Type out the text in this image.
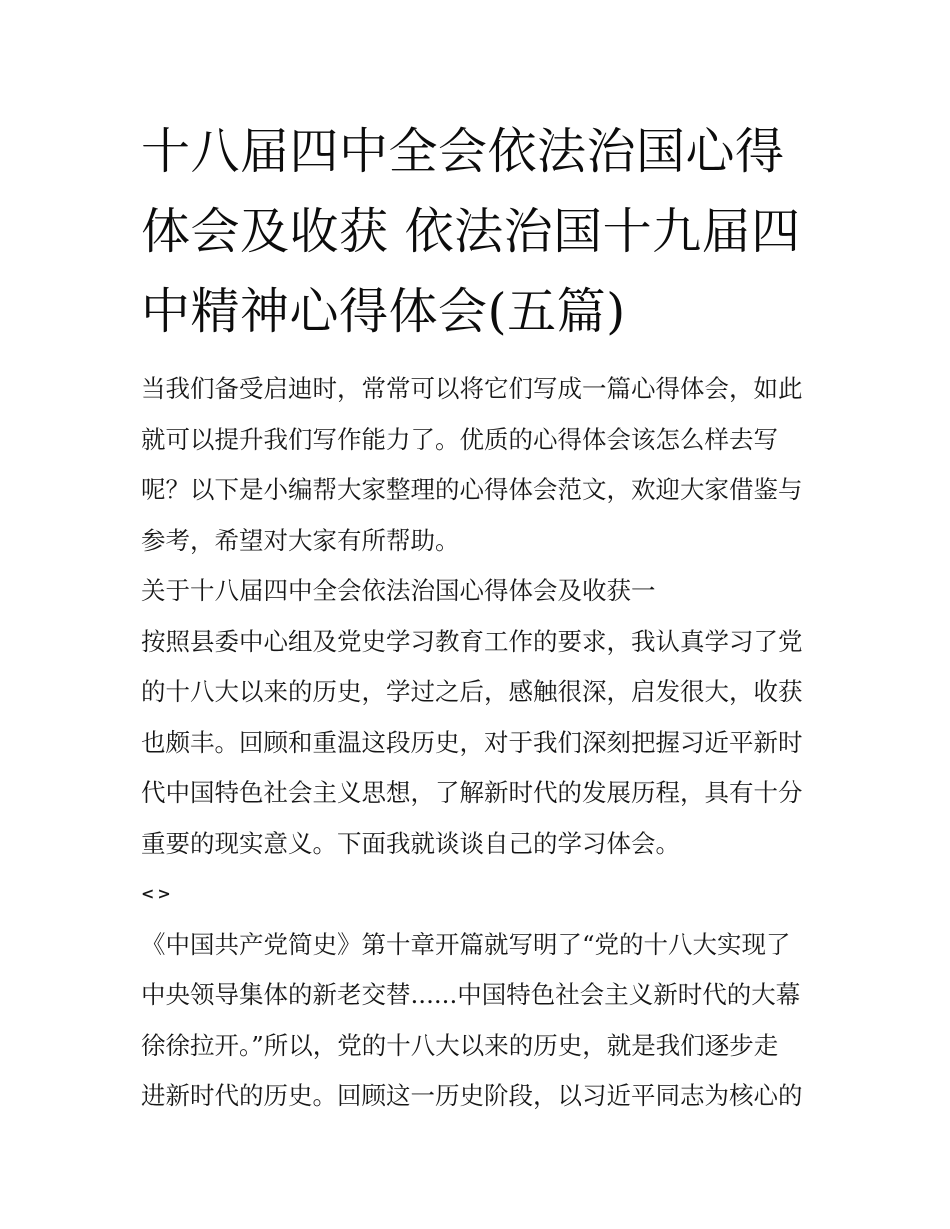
十八届四中全会依法治国心得
体会及收获 依法治国十九届四
中精神心得体会(五篇)
当我们备受启迪时，常常可以将它们写成一篇心得体会，如此
就可以提升我们写作能力了。优质的心得体会该怎么样去写
呢？以下是小编帮大家整理的心得体会范文，欢迎大家借鉴与
参考，希望对大家有所帮助。
关于十八届四中全会依法治国心得体会及收获一
按照县委中心组及党史学习教育工作的要求，我认真学习了党
的十八大以来的历史，学过之后，感触很深，启发很大，收获
也颇丰。回顾和重温这段历史，对于我们深刻把握习近平新时
代中国特色社会主义思想，了解新时代的发展历程，具有十分
重要的现实意义。下面我就谈谈自己的学习体会。
<>
《中国共产党简史》第十章开篇就写明了“党的十八大实现了
中央领导集体的新老交替......中国特色社会主义新时代的大幕
徐徐拉开。”所以，党的十八大以来的历史，就是我们逐步走
进新时代的历史。回顾这一历史阶段，以习近平同志为核心的
